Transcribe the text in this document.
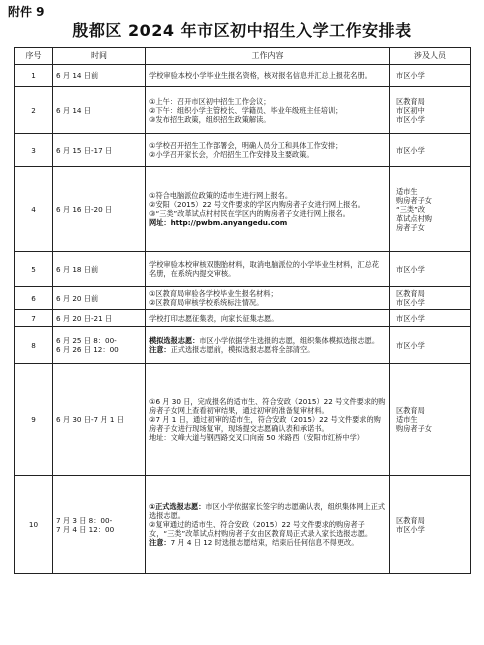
附件 9
殷都区 2024 年市区初中招生入学工作安排表
序号	时间	工作内容	涉及人员
1	6 月 14 日前	学校审验本校小学毕业生报名资格，核对报名信息并汇总上报花名册。	市区小学

2	6 月 14 日	①上午：召开市区初中招生工作会议；
②下午：组织小学主管校长、学籍员、毕业年级班主任培训；
③发布招生政策，组织招生政策解读。	区教育局
市区初中
市区小学

3	6 月 15 日-17 日	①学校召开招生工作部署会，明确人员分工和具体工作安排；
②小学召开家长会，介绍招生工作安排及主要政策。	市区小学

4	6 月 16 日-20 日	①符合电脑派位政策的适市生进行网上报名。
②安阳（2015）22 号文件要求的学区内购房者子女进行网上报名。
③“三类”改革试点村村民在学区内的购房者子女进行网上报名。
网址：http://pwbm.anyangedu.com	适市生
购房者子女
“三类”改
革试点村购
房者子女

5	6 月 18 日前	学校审验本校审核双胞胎材料，取消电脑派位的小学毕业生材料，汇总花名册，在系统内提交审核。	市区小学

6	6 月 20 日前	①区教育局审验各学校毕业生报名材料；
②区教育局审核学校系统标注情况。	区教育局
市区小学

7	6 月 20 日-21 日	学校打印志愿征集表，向家长征集志愿。	市区小学

8	6 月 25 日 8：00-
6 月 26 日 12：00	模拟选报志愿：市区小学依据学生选报的志愿，组织集体模拟选报志愿。
注意：正式选报志愿前，模拟选报志愿将全部清空。	市区小学

9	6 月 30 日-7 月 1 日	①6 月 30 日，完成报名的适市生、符合安政（2015）22 号文件要求的购房者子女网上查看初审结果，通过初审的准备复审材料。
②7 月 1 日，通过初审的适市生，符合安政（2015）22 号文件要求的购房者子女进行现场复审，现场提交志愿确认表和承诺书。
地址：文峰大道与钢西路交叉口向南 50 米路西（安阳市红桥中学）	区教育局
适市生
购房者子女

10	7 月 3 日 8：00-
7 月 4 日 12：00	①正式选报志愿：市区小学依据家长签字的志愿确认表，组织集体网上正式选报志愿。
②复审通过的适市生、符合安政（2015）22 号文件要求的购房者子女，“三类”改革试点村购房者子女由区教育局正式录入家长选报志愿。
注意：7 月 4 日 12 时选报志愿结束，结束后任何信息不得更改。	区教育局
市区小学
